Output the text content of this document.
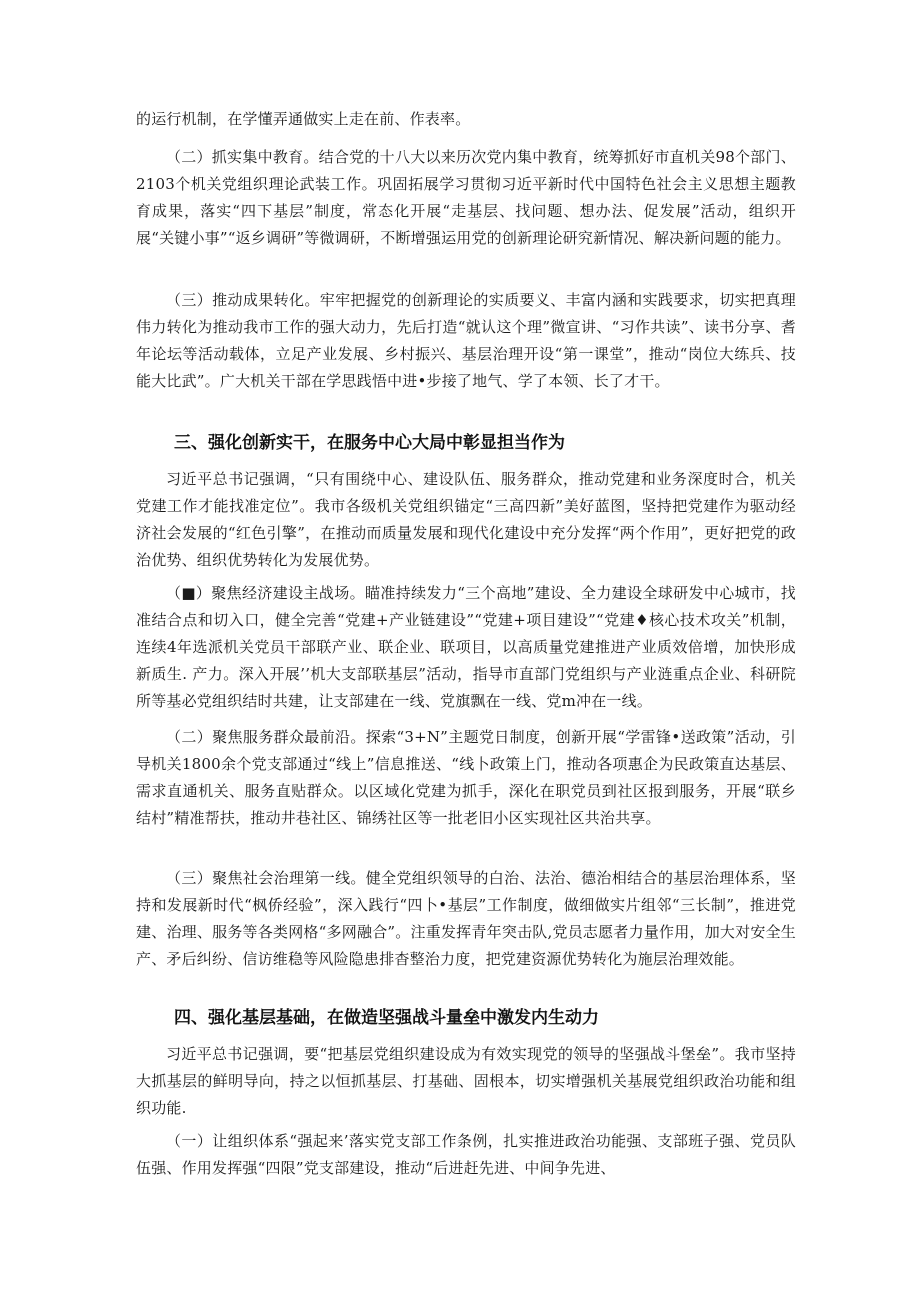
的运行机制，在学懂弄通做实上走在前、作表率。

（二）抓实集中教育。结合党的十八大以来历次党内集中教育，统筹抓好市直机关98个部门、2103个机关党组织理论武装工作。巩固拓展学习贯彻习近平新时代中国特色社会主义思想主题教育成果，落实“四下基层”制度，常态化开展“走基层、找问题、想办法、促发展”活动，组织开展“关键小事”“返乡调研”等微调研，不断增强运用党的创新理论研究新情况、解决新问题的能力。

（三）推动成果转化。牢牢把握党的创新理论的实质要义、丰富内涵和实践要求，切实把真理伟力转化为推动我市工作的强大动力，先后打造“就认这个理”微宣讲、“习作共读”、读书分享、耆年论坛等活动载体，立足产业发展、乡村振兴、基层治理开设“第一课堂”，推动“岗位大练兵、技能大比武”。广大机关干部在学思践悟中进•步接了地气、学了本领、长了才干。

三、强化创新实干，在服务中心大局中彰显担当作为

习近平总书记强调，“只有围绕中心、建设队伍、服务群众，推动党建和业务深度时合，机关党建工作才能找准定位”。我市各级机关党组织锚定“三高四新”美好蓝图，坚持把党建作为驱动经济社会发展的“红色引擎”，在推动而质量发展和现代化建设中充分发挥“两个作用”，更好把党的政治优势、组织优势转化为发展优势。

（■）聚焦经济建设主战场。瞄准持续发力“三个高地”建设、全力建设全球研发中心城市，找准结合点和切入口，健全完善“党建+产业链建设”“党建+项目建设”“党建♦核心技术攻关”机制，连续4年选派机关党员干部联产业、联企业、联项目，以高质量党建推进产业质效倍增，加快形成新质生. 产力。深入开展’’机大支部联基层”活动，指导市直部门党组织与产业涟重点企业、科研院所等基必党组织结时共建，让支部建在一线、党旗飘在一线、党m冲在一线。

（二）聚焦服务群众最前沿。探索“3+N”主题党日制度，创新开展“学雷锋•送政策”活动，引导机关1800余个党支部通过“线上”信息推送、“线卜政策上门，推动各项惠企为民政策直达基层、需求直通机关、服务直贴群众。以区域化党建为抓手，深化在职党员到社区报到服务，开展“联乡结村”精准帮扶，推动井巷社区、锦绣社区等一批老旧小区实现社区共治共享。

（三）聚焦社会治理第一线。健全党组织领导的白治、法治、德治相结合的基层治理体系，坚持和发展新时代“枫侨经验”，深入践行“四卜•基层”工作制度，做细做实片组邻“三长制”，推进党建、治理、服务等各类网格“多网融合”。注重发挥青年突击队,党员志愿者力量作用，加大对安全生产、矛后纠纷、信访维稳等风险隐患排杳整治力度，把党建资源优势转化为施层治理效能。

四、强化基层基础，在做造坚强战斗量垒中激发内生动力

习近平总书记强调，要“把基层党组织建设成为有效实现党的领导的坚强战斗堡垒”。我市坚持大抓基层的鲜明导向，持之以恒抓基层、打基础、固根本，切实增强机关基展党组织政治功能和组织功能.

（一）让组织体系“强起来’落实党支部工作条例，扎实推进政治功能强、支部班子强、党员队伍强、作用发挥强“四限”党支部建设，推动“后进赶先进、中间争先进、
